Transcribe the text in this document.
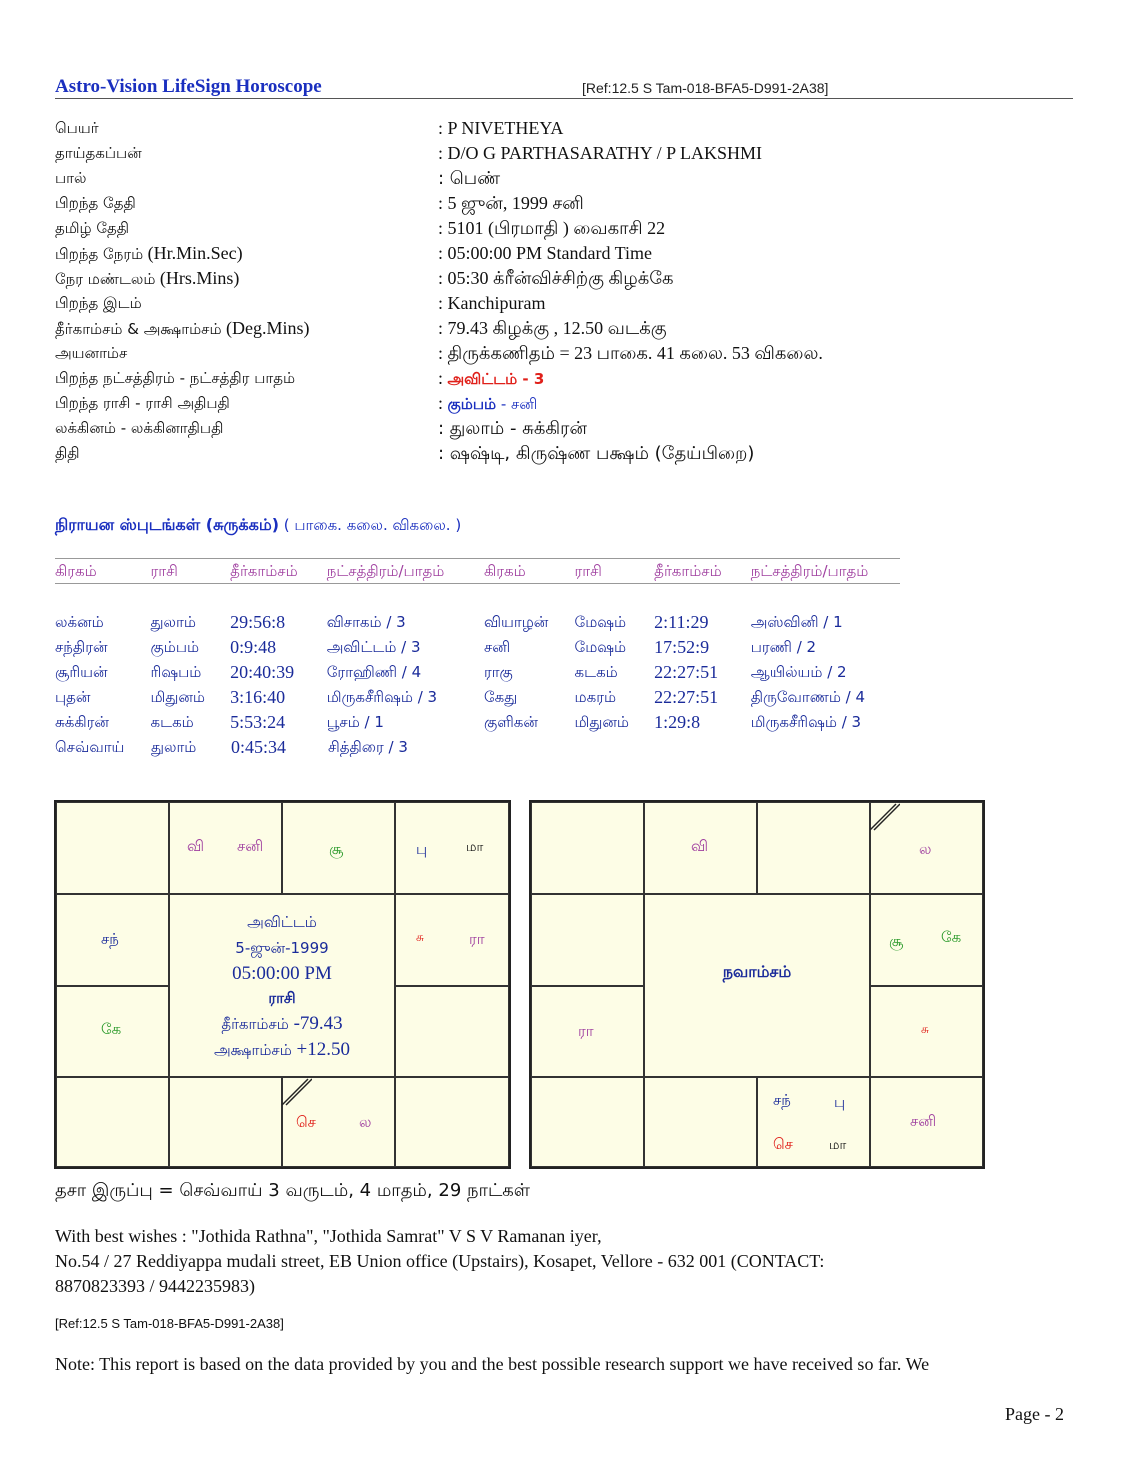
Astro-Vision LifeSign Horoscope	[Ref:12.5 S Tam-018-BFA5-D991-2A38]
பெயர்	: P NIVETHEYA
தாய்தகப்பன்	: D/O G PARTHASARATHY / P LAKSHMI
பால்	: பெண்
பிறந்த தேதி	: 5 ஜுன், 1999 சனி
தமிழ் தேதி	: 5101 (பிரமாதி ) வைகாசி 22
பிறந்த நேரம் (Hr.Min.Sec)	: 05:00:00 PM Standard Time
நேர மண்டலம் (Hrs.Mins)	: 05:30 க்ரீன்விச்சிற்கு கிழக்கே
பிறந்த இடம்	: Kanchipuram
தீர்காம்சம் & அக்ஷாம்சம் (Deg.Mins)	: 79.43 கிழக்கு , 12.50 வடக்கு
அயனாம்ச	: திருக்கணிதம் = 23 பாகை. 41 கலை. 53 விகலை.
பிறந்த நட்சத்திரம் - நட்சத்திர பாதம்	: அவிட்டம் - 3
பிறந்த ராசி - ராசி அதிபதி	: கும்பம் - சனி
லக்கினம் - லக்கினாதிபதி	: துலாம் - சுக்கிரன்
திதி	: ஷஷ்டி, கிருஷ்ண பக்ஷம் (தேய்பிறை)
நிராயன ஸ்புடங்கள் (சுருக்கம்) ( பாகை. கலை. விகலை. )
கிரகம்	ராசி	தீர்காம்சம்	நட்சத்திரம்/பாதம்	கிரகம்	ராசி	தீர்காம்சம்	நட்சத்திரம்/பாதம்
லக்னம்	துலாம்	29:56:8	விசாகம் / 3	வியாழன்	மேஷம்	2:11:29	அஸ்வினி / 1
சந்திரன்	கும்பம்	0:9:48	அவிட்டம் / 3	சனி	மேஷம்	17:52:9	பரணி / 2
சூரியன்	ரிஷபம்	20:40:39	ரோஹிணி / 4	ராகு	கடகம்	22:27:51	ஆயில்யம் / 2
புதன்	மிதுனம்	3:16:40	மிருகசீரிஷம் / 3	கேது	மகரம்	22:27:51	திருவோணம் / 4
சுக்கிரன்	கடகம்	5:53:24	பூசம் / 1	குளிகன்	மிதுனம்	1:29:8	மிருகசீரிஷம் / 3
செவ்வாய்	துலாம்	0:45:34	சித்திரை / 3
வி சனி	சூ	பு	மா
சந்	சு	ரா
கே
செ	ல
அவிட்டம்
5-ஜுன்-1999
05:00:00 PM
ராசி
தீர்காம்சம் -79.43
அக்ஷாம்சம் +12.50
வி	ல
சூ	கே
நவாம்சம்
ரா	சு
சந்	பு
செ	மா
சனி
தசா இருப்பு = செவ்வாய் 3 வருடம், 4 மாதம், 29 நாட்கள்
With best wishes : "Jothida Rathna", "Jothida Samrat" V S V Ramanan iyer,
No.54 / 27 Reddiyappa mudali street, EB Union office (Upstairs), Kosapet, Vellore - 632 001 (CONTACT:
8870823393 / 9442235983)
[Ref:12.5 S Tam-018-BFA5-D991-2A38]
Note: This report is based on the data provided by you and the best possible research support we have received so far. We
Page - 2
